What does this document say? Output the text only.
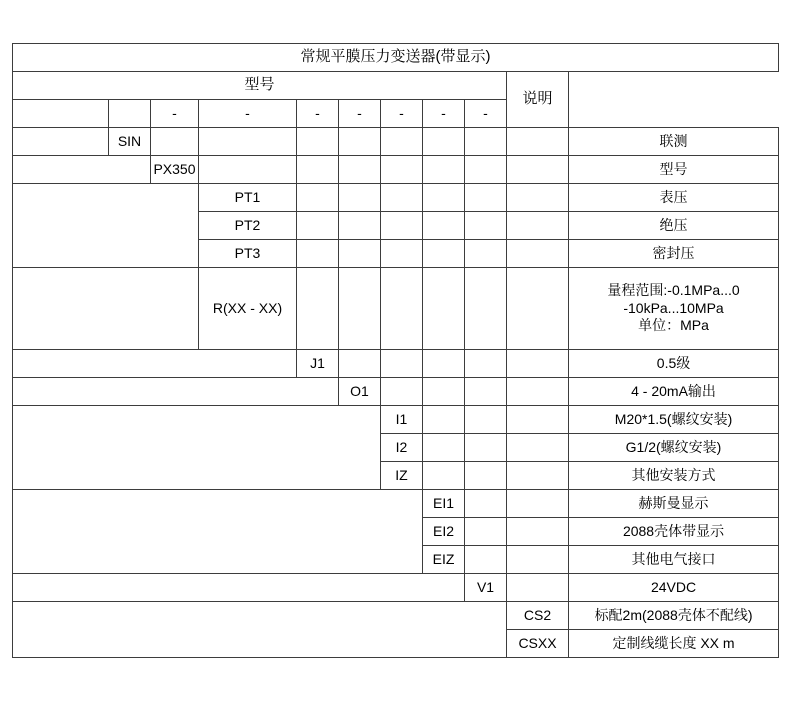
常规平膜压力变送器(带显示)										
型号									说明	
		-	-	-	-	-	-	-		
公司名称	SIN									联测
型号		PX350								型号
压力类型			PT1							表压
			PT2							绝压
			PT3							密封压
量程范围			R(XX - XX)							量程范围:-0.1MPa...0
-10kPa...10MPa
单位：MPa

精度等级				J1						0.5级
变送输出类型					O1					4 - 20mA输出
安装方式						I1				M20*1.5(螺纹安装)
						I2				G1/2(螺纹安装)
						IZ				其他安装方式
电气接口							EI1			赫斯曼显示
							EI2			2088壳体带显示
							EIZ			其他电气接口
供电电源								V1		24VDC
线缆长度									CS2	标配2m(2088壳体不配线)
									CSXX	定制线缆长度 XX m
